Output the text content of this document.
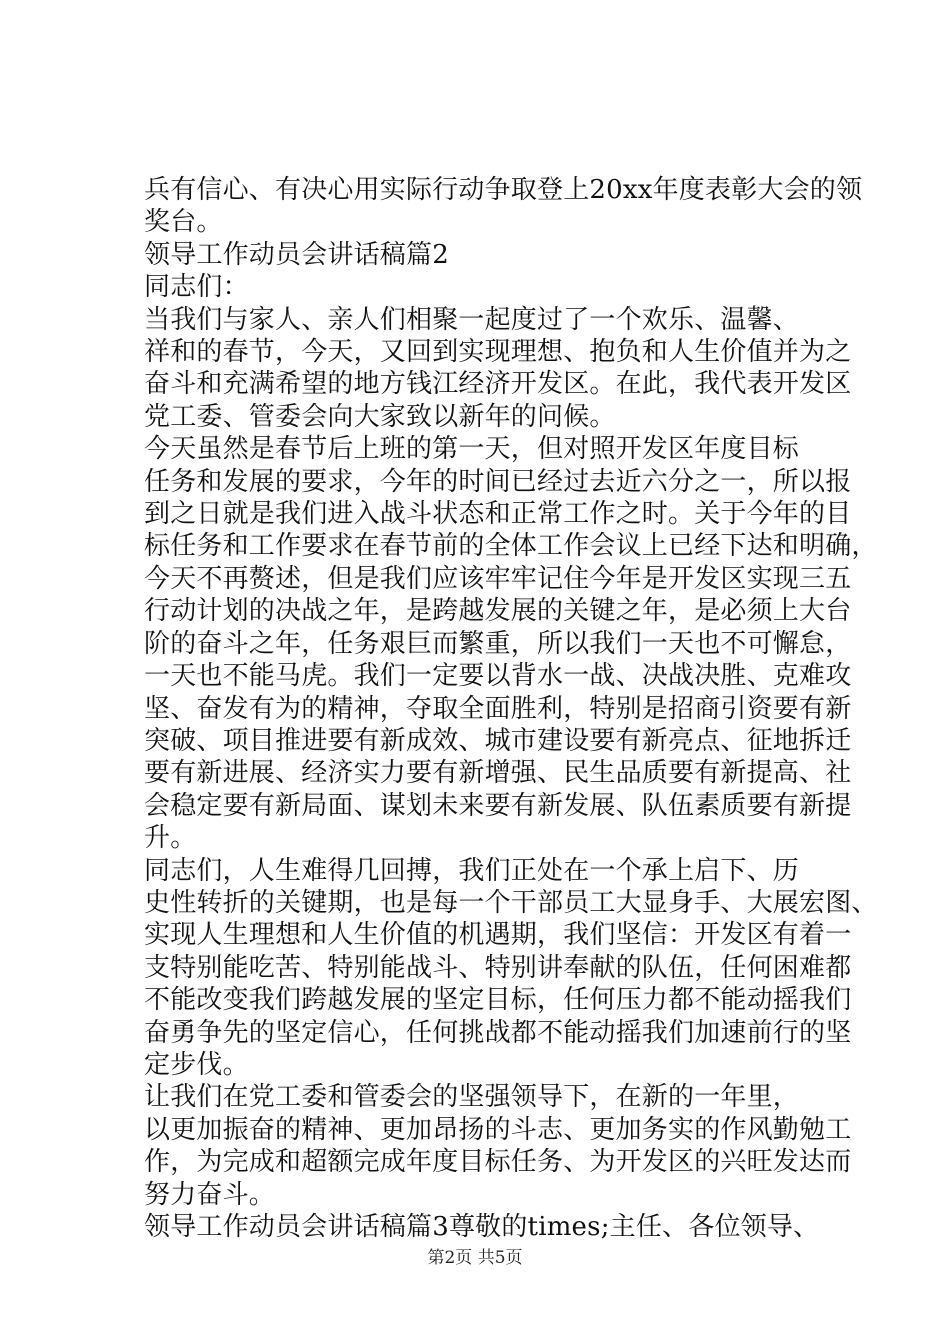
兵有信心、有决心用实际行动争取登上20xx年度表彰大会的领

奖台。

领导工作动员会讲话稿篇2

同志们：

当我们与家人、亲人们相聚一起度过了一个欢乐、温馨、

祥和的春节，今天，又回到实现理想、抱负和人生价值并为之

奋斗和充满希望的地方钱江经济开发区。在此，我代表开发区

党工委、管委会向大家致以新年的问候。

今天虽然是春节后上班的第一天，但对照开发区年度目标

任务和发展的要求，今年的时间已经过去近六分之一，所以报

到之日就是我们进入战斗状态和正常工作之时。关于今年的目

标任务和工作要求在春节前的全体工作会议上已经下达和明确，

今天不再赘述，但是我们应该牢牢记住今年是开发区实现三五

行动计划的决战之年，是跨越发展的关键之年，是必须上大台

阶的奋斗之年，任务艰巨而繁重，所以我们一天也不可懈怠，

一天也不能马虎。我们一定要以背水一战、决战决胜、克难攻

坚、奋发有为的精神，夺取全面胜利，特别是招商引资要有新

突破、项目推进要有新成效、城市建设要有新亮点、征地拆迁

要有新进展、经济实力要有新增强、民生品质要有新提高、社

会稳定要有新局面、谋划未来要有新发展、队伍素质要有新提

升。

同志们，人生难得几回搏，我们正处在一个承上启下、历

史性转折的关键期，也是每一个干部员工大显身手、大展宏图、

实现人生理想和人生价值的机遇期，我们坚信：开发区有着一

支特别能吃苦、特别能战斗、特别讲奉献的队伍，任何困难都

不能改变我们跨越发展的坚定目标，任何压力都不能动摇我们

奋勇争先的坚定信心，任何挑战都不能动摇我们加速前行的坚

定步伐。

让我们在党工委和管委会的坚强领导下，在新的一年里，

以更加振奋的精神、更加昂扬的斗志、更加务实的作风勤勉工

作，为完成和超额完成年度目标任务、为开发区的兴旺发达而

努力奋斗。

领导工作动员会讲话稿篇3尊敬的times;主任、各位领导、

第2页 共5页
